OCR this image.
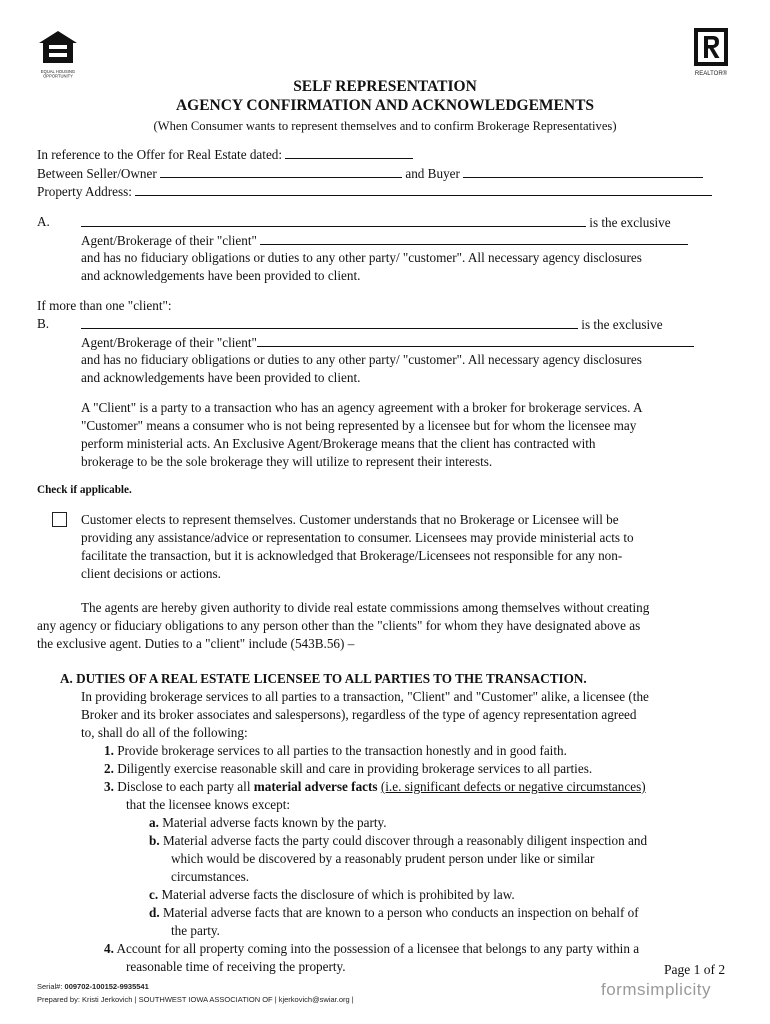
EQUAL HOUSING OPPORTUNITY	REALTOR®
SELF REPRESENTATION
AGENCY CONFIRMATION AND ACKNOWLEDGEMENTS
(When Consumer wants to represent themselves and to confirm Brokerage Representatives)
In reference to the Offer for Real Estate dated:
Between Seller/Owner	and Buyer
Property Address:
A.	is the exclusive
Agent/Brokerage of their "client"
and has no fiduciary obligations or duties to any other party/ "customer". All necessary agency disclosures
and acknowledgements have been provided to client.
If more than one "client":
B.	is the exclusive
Agent/Brokerage of their "client"
and has no fiduciary obligations or duties to any other party/ "customer". All necessary agency disclosures
and acknowledgements have been provided to client.
A "Client" is a party to a transaction who has an agency agreement with a broker for brokerage services. A
"Customer" means a consumer who is not being represented by a licensee but for whom the licensee may
perform ministerial acts. An Exclusive Agent/Brokerage means that the client has contracted with
brokerage to be the sole brokerage they will utilize to represent their interests.
Check if applicable.
Customer elects to represent themselves. Customer understands that no Brokerage or Licensee will be
providing any assistance/advice or representation to consumer. Licensees may provide ministerial acts to
facilitate the transaction, but it is acknowledged that Brokerage/Licensees not responsible for any non-
client decisions or actions.
The agents are hereby given authority to divide real estate commissions among themselves without creating
any agency or fiduciary obligations to any person other than the "clients" for whom they have designated above as
the exclusive agent. Duties to a "client" include (543B.56) –
A. DUTIES OF A REAL ESTATE LICENSEE TO ALL PARTIES TO THE TRANSACTION.
In providing brokerage services to all parties to a transaction, "Client" and "Customer" alike, a licensee (the
Broker and its broker associates and salespersons), regardless of the type of agency representation agreed
to, shall do all of the following:
1. Provide brokerage services to all parties to the transaction honestly and in good faith.
2. Diligently exercise reasonable skill and care in providing brokerage services to all parties.
3. Disclose to each party all material adverse facts (i.e. significant defects or negative circumstances)
that the licensee knows except:
a. Material adverse facts known by the party.
b. Material adverse facts the party could discover through a reasonably diligent inspection and
which would be discovered by a reasonably prudent person under like or similar
circumstances.
c. Material adverse facts the disclosure of which is prohibited by law.
d. Material adverse facts that are known to a person who conducts an inspection on behalf of
the party.
4. Account for all property coming into the possession of a licensee that belongs to any party within a
reasonable time of receiving the property.	Page 1 of 2
Serial#: 009702-100152-9935541
Prepared by: Kristi Jerkovich | SOUTHWEST IOWA ASSOCIATION OF | kjerkovich@swiar.org |
formsimplicity
